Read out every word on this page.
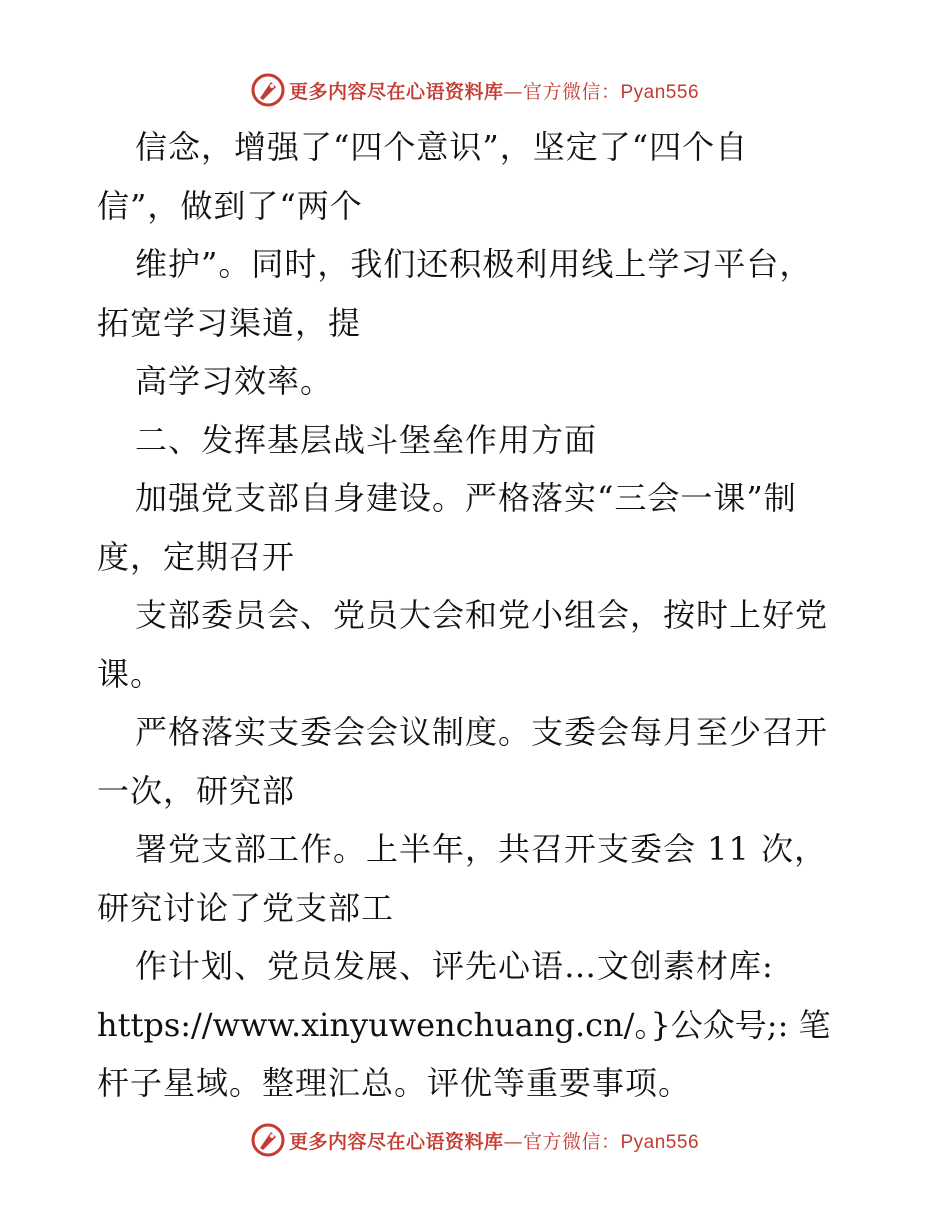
更多内容尽在心语资料库—官方微信：Pyan556
信念，增强了“四个意识”，坚定了“四个自
信”，做到了“两个
维护”。同时，我们还积极利用线上学习平台，
拓宽学习渠道，提
高学习效率。
二、发挥基层战斗堡垒作用方面
加强党支部自身建设。严格落实“三会一课”制
度，定期召开
支部委员会、党员大会和党小组会，按时上好党
课。
严格落实支委会会议制度。支委会每月至少召开
一次，研究部
署党支部工作。上半年，共召开支委会 11 次，
研究讨论了党支部工
作计划、党员发展、评先心语…文创素材库:
https://www.xinyuwenchuang.cn/。}公众号;: 笔
杆子星域。整理汇总。评优等重要事项。
更多内容尽在心语资料库—官方微信：Pyan556
